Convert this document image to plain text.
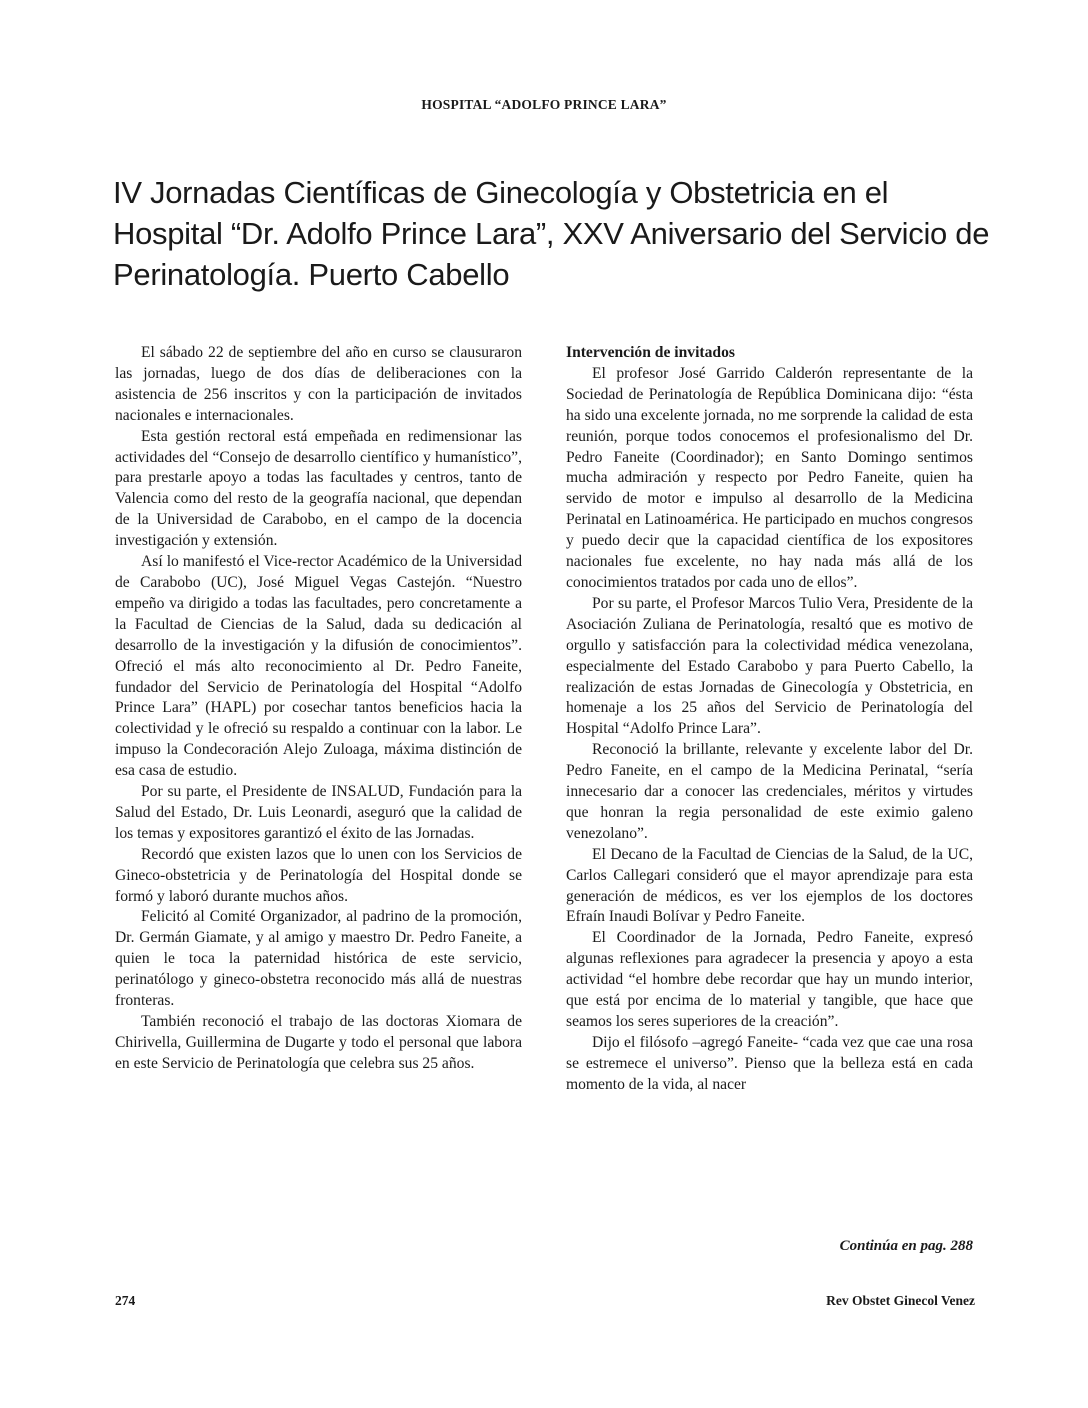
HOSPITAL “ADOLFO PRINCE LARA”
IV Jornadas Científicas de Ginecología y Obstetricia en el Hospital “Dr. Adolfo Prince Lara”, XXV Aniversario del Servicio de Perinatología. Puerto Cabello

El sábado 22 de septiembre del año en curso se clausuraron las jornadas, luego de dos días de deliberaciones con la asistencia de 256 inscritos y con la participación de invitados nacionales e internacionales.

Esta gestión rectoral está empeñada en redimensionar las actividades del “Consejo de desarrollo científico y humanístico”, para prestarle apoyo a todas las facultades y centros, tanto de Valencia como del resto de la geografía nacional, que dependan de la Universidad de Carabobo, en el campo de la docencia investigación y extensión.

Así lo manifestó el Vice-rector Académico de la Universidad de Carabobo (UC), José Miguel Vegas Castejón. “Nuestro empeño va dirigido a todas las facultades, pero concretamente a la Facultad de Ciencias de la Salud, dada su dedicación al desarrollo de la investigación y la difusión de conocimientos”. Ofreció el más alto reconocimiento al Dr. Pedro Faneite, fundador del Servicio de Perinatología del Hospital “Adolfo Prince Lara” (HAPL) por cosechar tantos beneficios hacia la colectividad y le ofreció su respaldo a continuar con la labor. Le impuso la Condecoración Alejo Zuloaga, máxima distinción de esa casa de estudio.

Por su parte, el Presidente de INSALUD, Fundación para la Salud del Estado, Dr. Luis Leonardi, aseguró que la calidad de los temas y expositores garantizó el éxito de las Jornadas.

Recordó que existen lazos que lo unen con los Servicios de Gineco-obstetricia y de Perinatología del Hospital donde se formó y laboró durante muchos años.

Felicitó al Comité Organizador, al padrino de la promoción, Dr. Germán Giamate, y al amigo y maestro Dr. Pedro Faneite, a quien le toca la paternidad histórica de este servicio, perinatólogo y gineco-obstetra reconocido más allá de nuestras fronteras.

También reconoció el trabajo de las doctoras Xiomara de Chirivella, Guillermina de Dugarte y todo el personal que labora en este Servicio de Perinatología que celebra sus 25 años.

Intervención de invitados

El profesor José Garrido Calderón representante de la Sociedad de Perinatología de República Dominicana dijo: “ésta ha sido una excelente jornada, no me sorprende la calidad de esta reunión, porque todos conocemos el profesionalismo del Dr. Pedro Faneite (Coordinador); en Santo Domingo sentimos mucha admiración y respecto por Pedro Faneite, quien ha servido de motor e impulso al desarrollo de la Medicina Perinatal en Latinoamérica. He participado en muchos congresos y puedo decir que la capacidad científica de los expositores nacionales fue excelente, no hay nada más allá de los conocimientos tratados por cada uno de ellos”.

Por su parte, el Profesor Marcos Tulio Vera, Presidente de la Asociación Zuliana de Perinatología, resaltó que es motivo de orgullo y satisfacción para la colectividad médica venezolana, especialmente del Estado Carabobo y para Puerto Cabello, la realización de estas Jornadas de Ginecología y Obstetricia, en homenaje a los 25 años del Servicio de Perinatología del Hospital “Adolfo Prince Lara”.

Reconoció la brillante, relevante y excelente labor del Dr. Pedro Faneite, en el campo de la Medicina Perinatal, “sería innecesario dar a conocer las credenciales, méritos y virtudes que honran la regia personalidad de este eximio galeno venezolano”.

El Decano de la Facultad de Ciencias de la Salud, de la UC, Carlos Callegari consideró que el mayor aprendizaje para esta generación de médicos, es ver los ejemplos de los doctores Efraín Inaudi Bolívar y Pedro Faneite.

El Coordinador de la Jornada, Pedro Faneite, expresó algunas reflexiones para agradecer la presencia y apoyo a esta actividad “el hombre debe recordar que hay un mundo interior, que está por encima de lo material y tangible, que hace que seamos los seres superiores de la creación”.

Dijo el filósofo –agregó Faneite- “cada vez que cae una rosa se estremece el universo”. Pienso que la belleza está en cada momento de la vida, al nacer

Continúa en pag. 288
274	Rev Obstet Ginecol Venez
